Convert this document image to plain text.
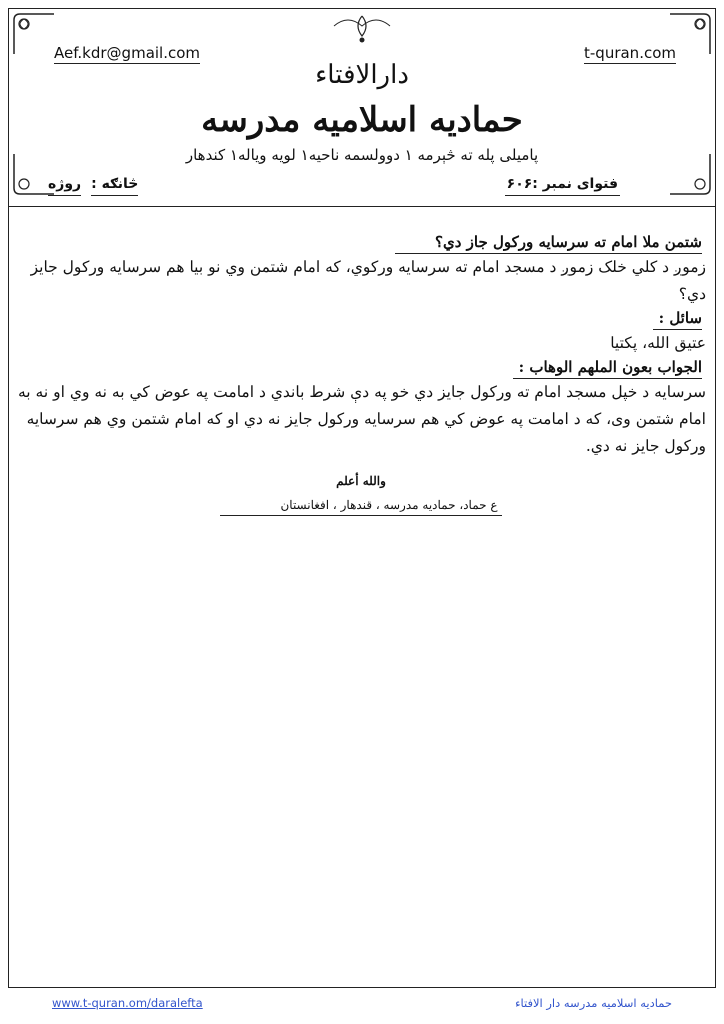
Aef.kdr@gmail.com	t-quran.com
دارالافتاء
حمادیه اسلامیه مدرسه
پامیلی پله ته څېرمه ۱ دوولسمه ناحیه۱ لویه ویاله۱ کندهار
فتوای نمبر :۶۰۶
څانګه :
روژه
شتمن ملا امام ته سرسایه ورکول جاز دي؟

زموږ د کلي خلک زموږ د مسجد امام ته سرسایه ورکوي، که امام شتمن وي نو بیا هم سرسایه ورکول جایز دي؟

سائل :

عتیق الله، پکتیا

الجواب بعون الملهم الوهاب :

سرسایه د خپل مسجد امام ته ورکول جایز دي خو په دې شرط باندي د امامت په عوض کي به نه وي او نه به امام شتمن وی، که د امامت په عوض کي هم سرسایه ورکول جایز نه دي او که امام شتمن وي هم سرسایه ورکول جایز نه دي.

والله أعلم
ع حماد، حمادیه مدرسه ، قندهار ، افغانستان
www.t-quran.om/daralefta	حمادیه اسلامیه مدرسه دار الافتاء
